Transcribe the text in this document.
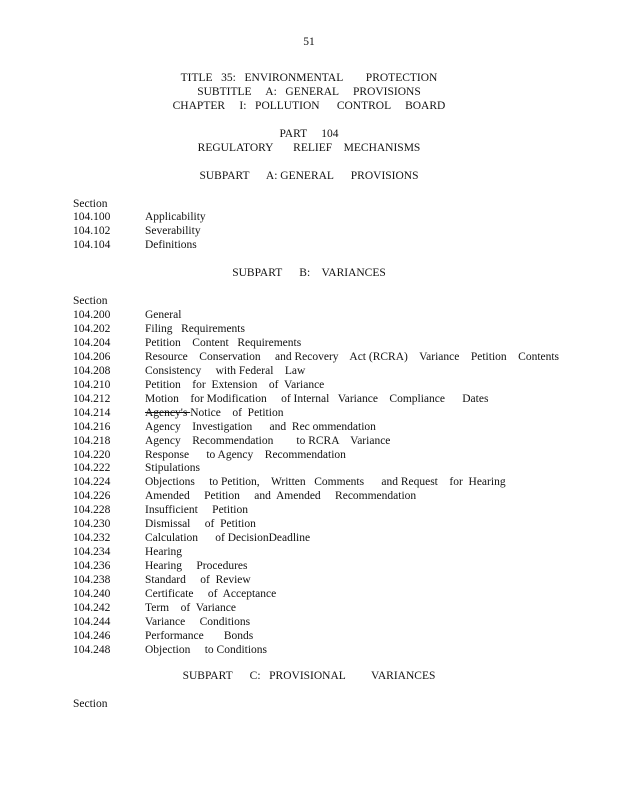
51
TITLE   35:   ENVIRONMENTAL        PROTECTION
SUBTITLE     A:   GENERAL     PROVISIONS
CHAPTER     I:   POLLUTION      CONTROL     BOARD
PART     104
REGULATORY       RELIEF    MECHANISMS
SUBPART      A: GENERAL      PROVISIONS
Section
104.100	Applicability
104.102	Severability
104.104	Definitions
SUBPART      B:    VARIANCES
Section
104.200	General
104.202	Filing   Requirements
104.204	Petition    Content   Requirements
104.206	Resource    Conservation     and Recovery    Act (RCRA)    Variance    Petition    Contents
104.208	Consistency     with Federal    Law
104.210	Petition    for  Extension    of  Variance
104.212	Motion    for Modification     of Internal   Variance    Compliance      Dates
104.214	Agency's Notice    of  Petition
104.216	Agency    Investigation      and  Rec ommendation
104.218	Agency    Recommendation        to RCRA    Variance
104.220	Response      to Agency    Recommendation
104.222	Stipulations
104.224	Objections     to Petition,    Written   Comments      and Request    for  Hearing
104.226	Amended     Petition     and  Amended     Recommendation
104.228	Insufficient     Petition
104.230	Dismissal     of  Petition
104.232	Calculation      of DecisionDeadline
104.234	Hearing
104.236	Hearing     Procedures
104.238	Standard     of  Review
104.240	Certificate     of  Acceptance
104.242	Term    of  Variance
104.244	Variance     Conditions
104.246	Performance       Bonds
104.248	Objection     to Conditions
SUBPART      C:   PROVISIONAL         VARIANCES
Section
